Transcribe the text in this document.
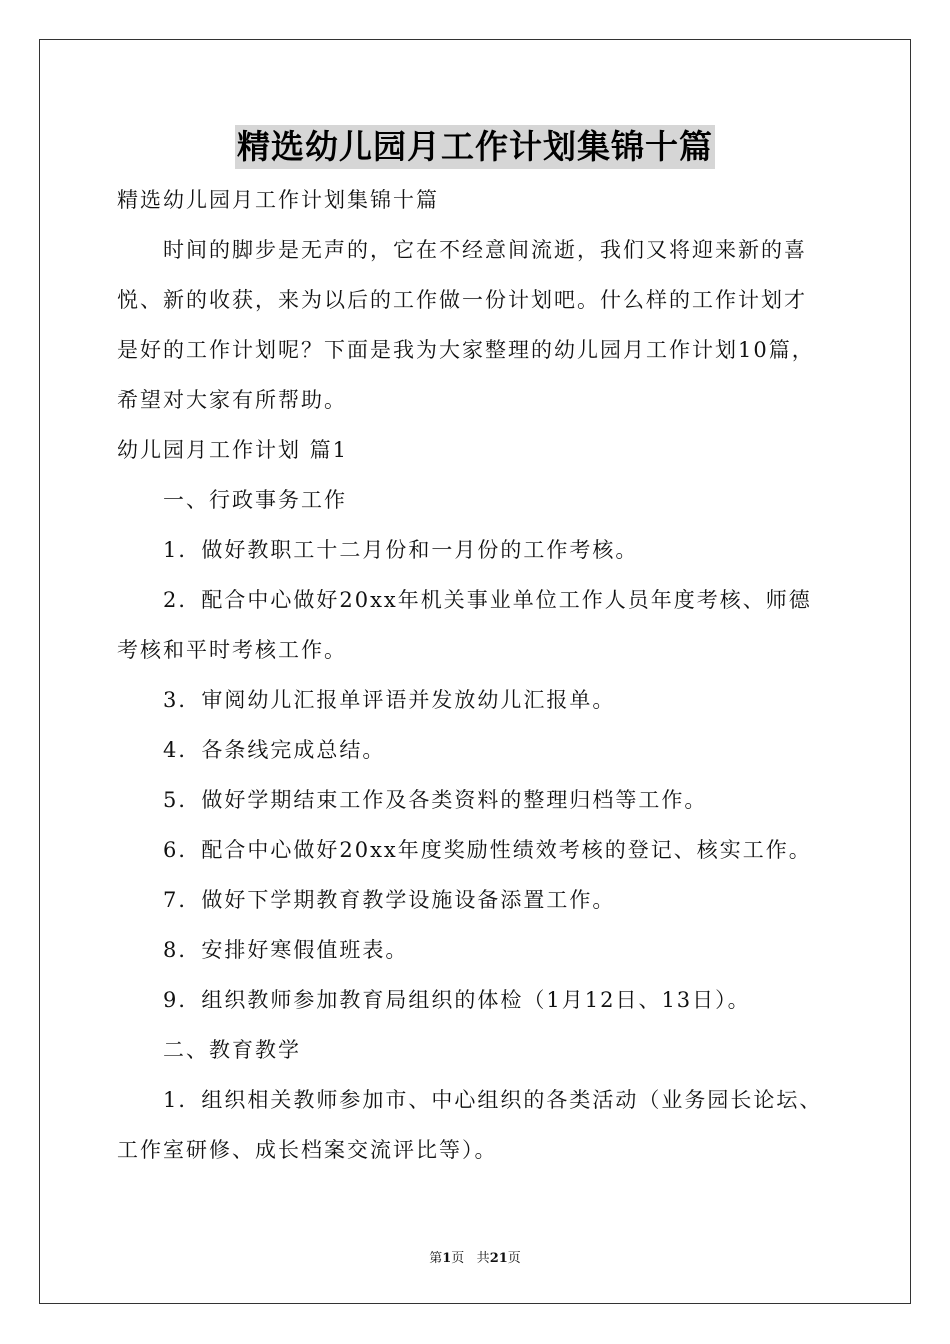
精选幼儿园月工作计划集锦十篇
精选幼儿园月工作计划集锦十篇
时间的脚步是无声的，它在不经意间流逝，我们又将迎来新的喜
悦、新的收获，来为以后的工作做一份计划吧。什么样的工作计划才
是好的工作计划呢？下面是我为大家整理的幼儿园月工作计划10篇，
希望对大家有所帮助。
幼儿园月工作计划 篇1
一、行政事务工作
1．做好教职工十二月份和一月份的工作考核。
2．配合中心做好20xx年机关事业单位工作人员年度考核、师德
考核和平时考核工作。
3．审阅幼儿汇报单评语并发放幼儿汇报单。
4．各条线完成总结。
5．做好学期结束工作及各类资料的整理归档等工作。
6．配合中心做好20xx年度奖励性绩效考核的登记、核实工作。
7．做好下学期教育教学设施设备添置工作。
8．安排好寒假值班表。
9．组织教师参加教育局组织的体检（1月12日、13日）。
二、教育教学
1．组织相关教师参加市、中心组织的各类活动（业务园长论坛、
工作室研修、成长档案交流评比等）。
第1页 共21页
